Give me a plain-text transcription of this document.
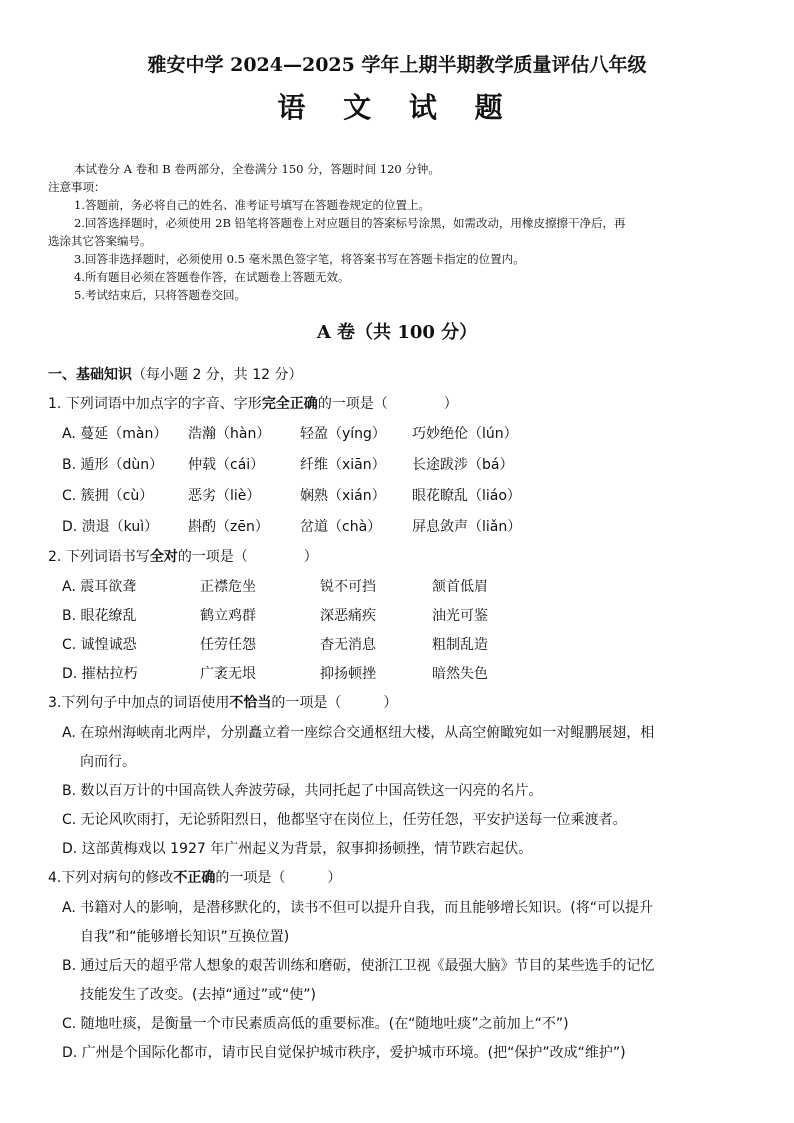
雅安中学 2024—2025 学年上期半期教学质量评估八年级
语 文 试 题
本试卷分 A 卷和 B 卷两部分，全卷满分 150 分，答题时间 120 分钟。
注意事项：
1.答题前，务必将自己的姓名、准考证号填写在答题卷规定的位置上。
2.回答选择题时，必须使用 2B 铅笔将答题卷上对应题目的答案标号涂黑，如需改动，用橡皮擦擦干净后，再
选涂其它答案编号。
3.回答非选择题时，必须使用 0.5 毫米黑色签字笔，将答案书写在答题卡指定的位置内。
4.所有题目必须在答题卷作答，在试题卷上答题无效。
5.考试结束后，只将答题卷交回。
A 卷（共 100 分）
一、基础知识（每小题 2 分，共 12 分）
1. 下列词语中加点字的字音、字形完全正确的一项是（　　　　）
A. 蔓延（màn） 浩瀚（hàn） 轻盈（yíng） 巧妙绝伦（lún）
B. 遁形（dùn） 仲载（cái）	纤维（xiān） 长途跋涉（bá）
C. 簇拥（cù） 恶劣（liè）	娴熟（xián） 眼花瞭乱（liáo）
D. 溃退（kuì） 斟酌（zēn） 岔道（chà） 屏息敛声（liǎn）
2. 下列词语书写全对的一项是（　　　　）
A. 震耳欲聋	正襟危坐	锐不可挡	颔首低眉
B. 眼花缭乱	鹤立鸡群	深恶痛疾	油光可鉴
C. 诚惶诚恐	任劳任怨	杳无消息	粗制乱造
D. 摧枯拉朽	广袤无垠	抑扬顿挫	暗然失色
3.下列句子中加点的词语使用不恰当的一项是（　　　）
A. 在琼州海峡南北两岸，分别矗立着一座综合交通枢纽大楼，从高空俯瞰宛如一对鲲鹏展翅，相
向而行。
B. 数以百万计的中国高铁人奔波劳碌，共同托起了中国高铁这一闪亮的名片。
C. 无论风吹雨打，无论骄阳烈日，他都坚守在岗位上，任劳任怨，平安护送每一位乘渡者。
D. 这部黄梅戏以 1927 年广州起义为背景，叙事抑扬顿挫，情节跌宕起伏。
4.下列对病句的修改不正确的一项是（　　　）
A. 书籍对人的影响，是潜移默化的，读书不但可以提升自我，而且能够增长知识。(将“可以提升
自我”和“能够增长知识”互换位置)
B. 通过后天的超乎常人想象的艰苦训练和磨砺，使浙江卫视《最强大脑》节目的某些选手的记忆
技能发生了改变。(去掉“通过”或“使”)
C. 随地吐痰，是衡量一个市民素质高低的重要标准。(在“随地吐痰”之前加上“不”)
D. 广州是个国际化都市，请市民自觉保护城市秩序，爱护城市环境。(把“保护”改成“维护”)
